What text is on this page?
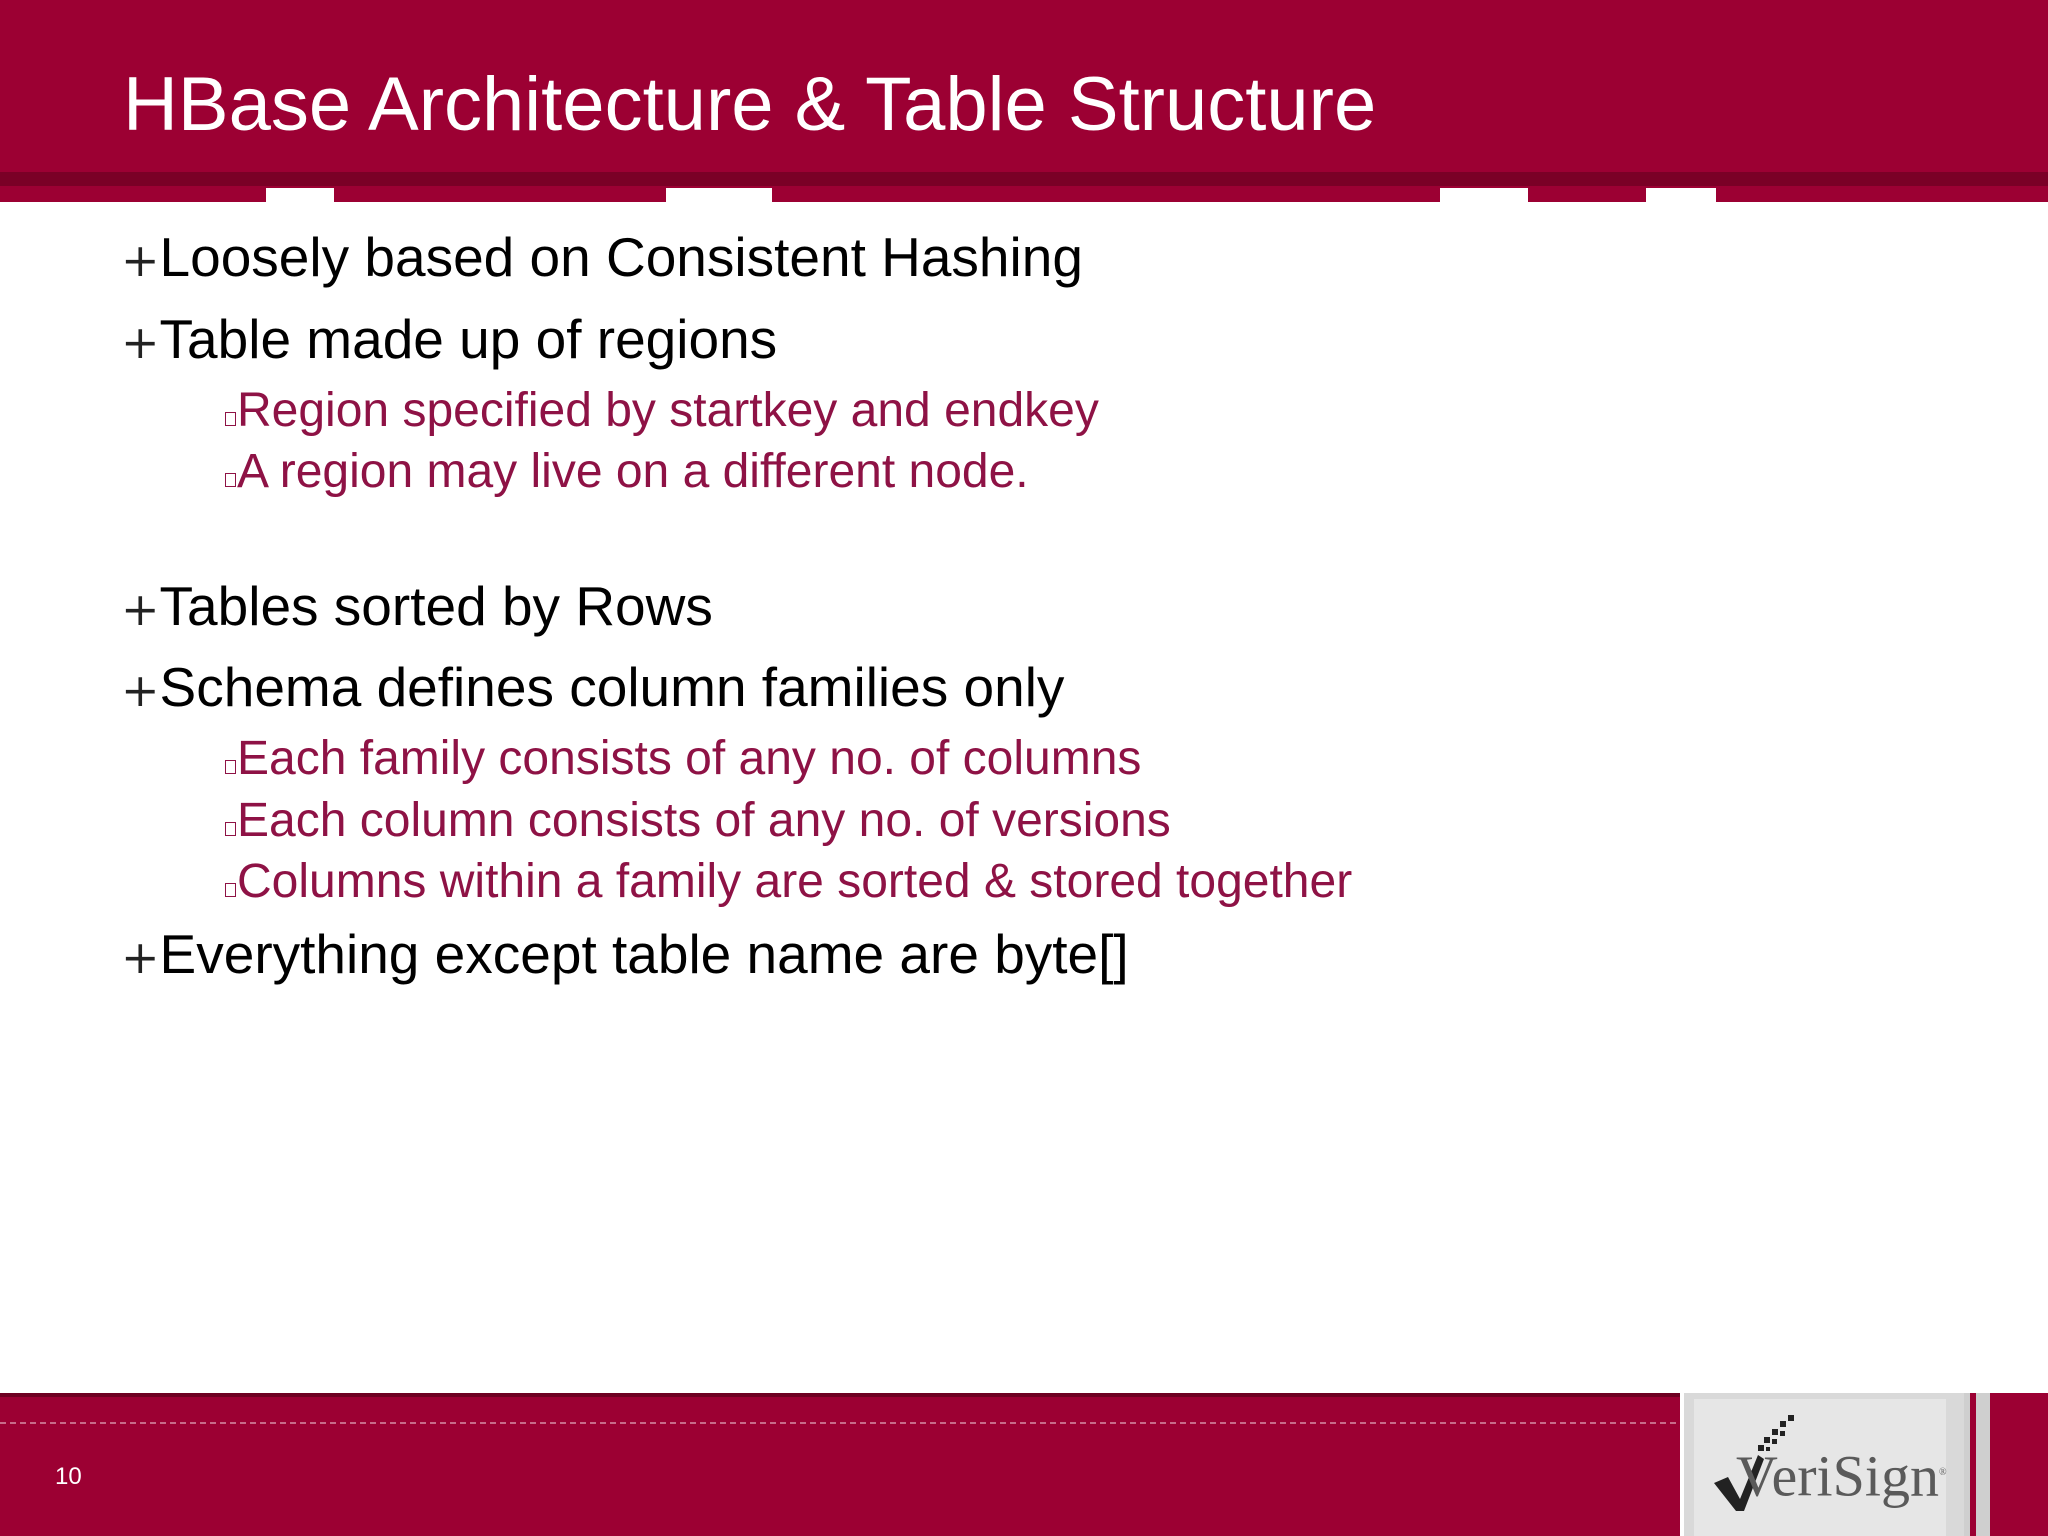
HBase Architecture & Table Structure
+Loosely based on Consistent Hashing
+Table made up of regions
Region specified by startkey and endkey
A region may live on a different node.
+Tables sorted by Rows
+Schema defines column families only
Each family consists of any no. of columns
Each column consists of any no. of versions
Columns within a family are sorted & stored together
+Everything except table name are byte[]
10	VeriSign®
